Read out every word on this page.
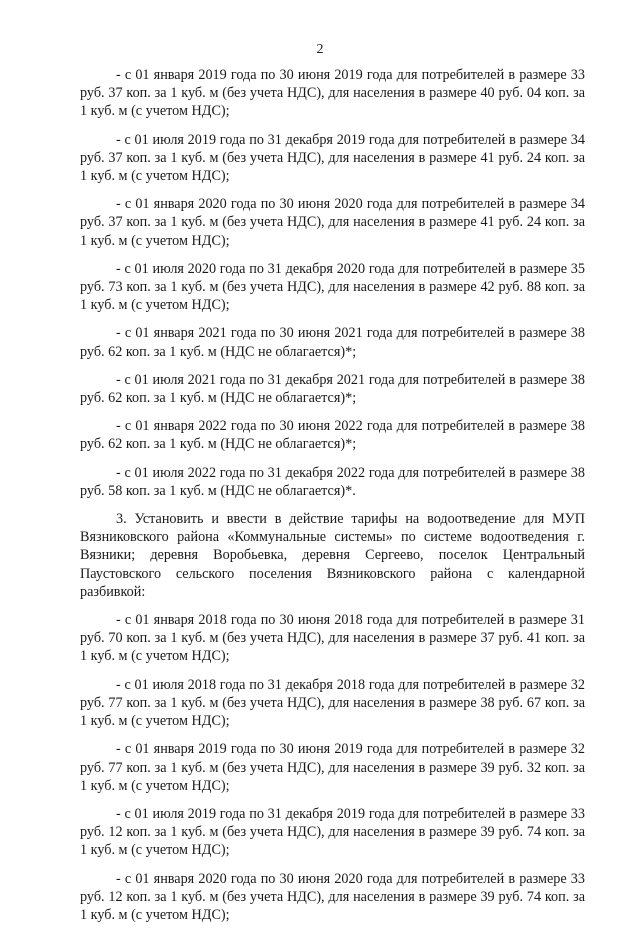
2

- с 01 января 2019 года по 30 июня 2019 года для потребителей в размере 33 руб. 37 коп. за 1 куб. м (без учета НДС), для населения в размере 40 руб. 04 коп. за 1 куб. м (с учетом НДС);

- с 01 июля 2019 года по 31 декабря 2019 года для потребителей в размере 34 руб. 37 коп. за 1 куб. м (без учета НДС), для населения в размере 41 руб. 24 коп. за 1 куб. м (с учетом НДС);

- с 01 января 2020 года по 30 июня 2020 года для потребителей в размере 34 руб. 37 коп. за 1 куб. м (без учета НДС), для населения в размере 41 руб. 24 коп. за 1 куб. м (с учетом НДС);

- с 01 июля 2020 года по 31 декабря 2020 года для потребителей в размере 35 руб. 73 коп. за 1 куб. м (без учета НДС), для населения в размере 42 руб. 88 коп. за 1 куб. м (с учетом НДС);

- с 01 января 2021 года по 30 июня 2021 года для потребителей в размере 38 руб. 62 коп. за 1 куб. м (НДС не облагается)*;

- с 01 июля 2021 года по 31 декабря 2021 года для потребителей в размере 38 руб. 62 коп. за 1 куб. м (НДС не облагается)*;

- с 01 января 2022 года по 30 июня 2022 года для потребителей в размере 38 руб. 62 коп. за 1 куб. м (НДС не облагается)*;

- с 01 июля 2022 года по 31 декабря 2022 года для потребителей в размере 38 руб. 58 коп. за 1 куб. м (НДС не облагается)*.

3. Установить и ввести в действие тарифы на водоотведение для МУП Вязниковского района «Коммунальные системы» по системе водоотведения г. Вязники; деревня Воробьевка, деревня Сергеево, поселок Центральный Паустовского сельского поселения Вязниковского района с календарной разбивкой:

- с 01 января 2018 года по 30 июня 2018 года для потребителей в размере 31 руб. 70 коп. за 1 куб. м (без учета НДС), для населения в размере 37 руб. 41 коп. за 1 куб. м (с учетом НДС);

- с 01 июля 2018 года по 31 декабря 2018 года для потребителей в размере 32 руб. 77 коп. за 1 куб. м (без учета НДС), для населения в размере 38 руб. 67 коп. за 1 куб. м (с учетом НДС);

- с 01 января 2019 года по 30 июня 2019 года для потребителей в размере 32 руб. 77 коп. за 1 куб. м (без учета НДС), для населения в размере 39 руб. 32 коп. за 1 куб. м (с учетом НДС);

- с 01 июля 2019 года по 31 декабря 2019 года для потребителей в размере 33 руб. 12 коп. за 1 куб. м (без учета НДС), для населения в размере 39 руб. 74 коп. за 1 куб. м (с учетом НДС);

- с 01 января 2020 года по 30 июня 2020 года для потребителей в размере 33 руб. 12 коп. за 1 куб. м (без учета НДС), для населения в размере 39 руб. 74 коп. за 1 куб. м (с учетом НДС);
